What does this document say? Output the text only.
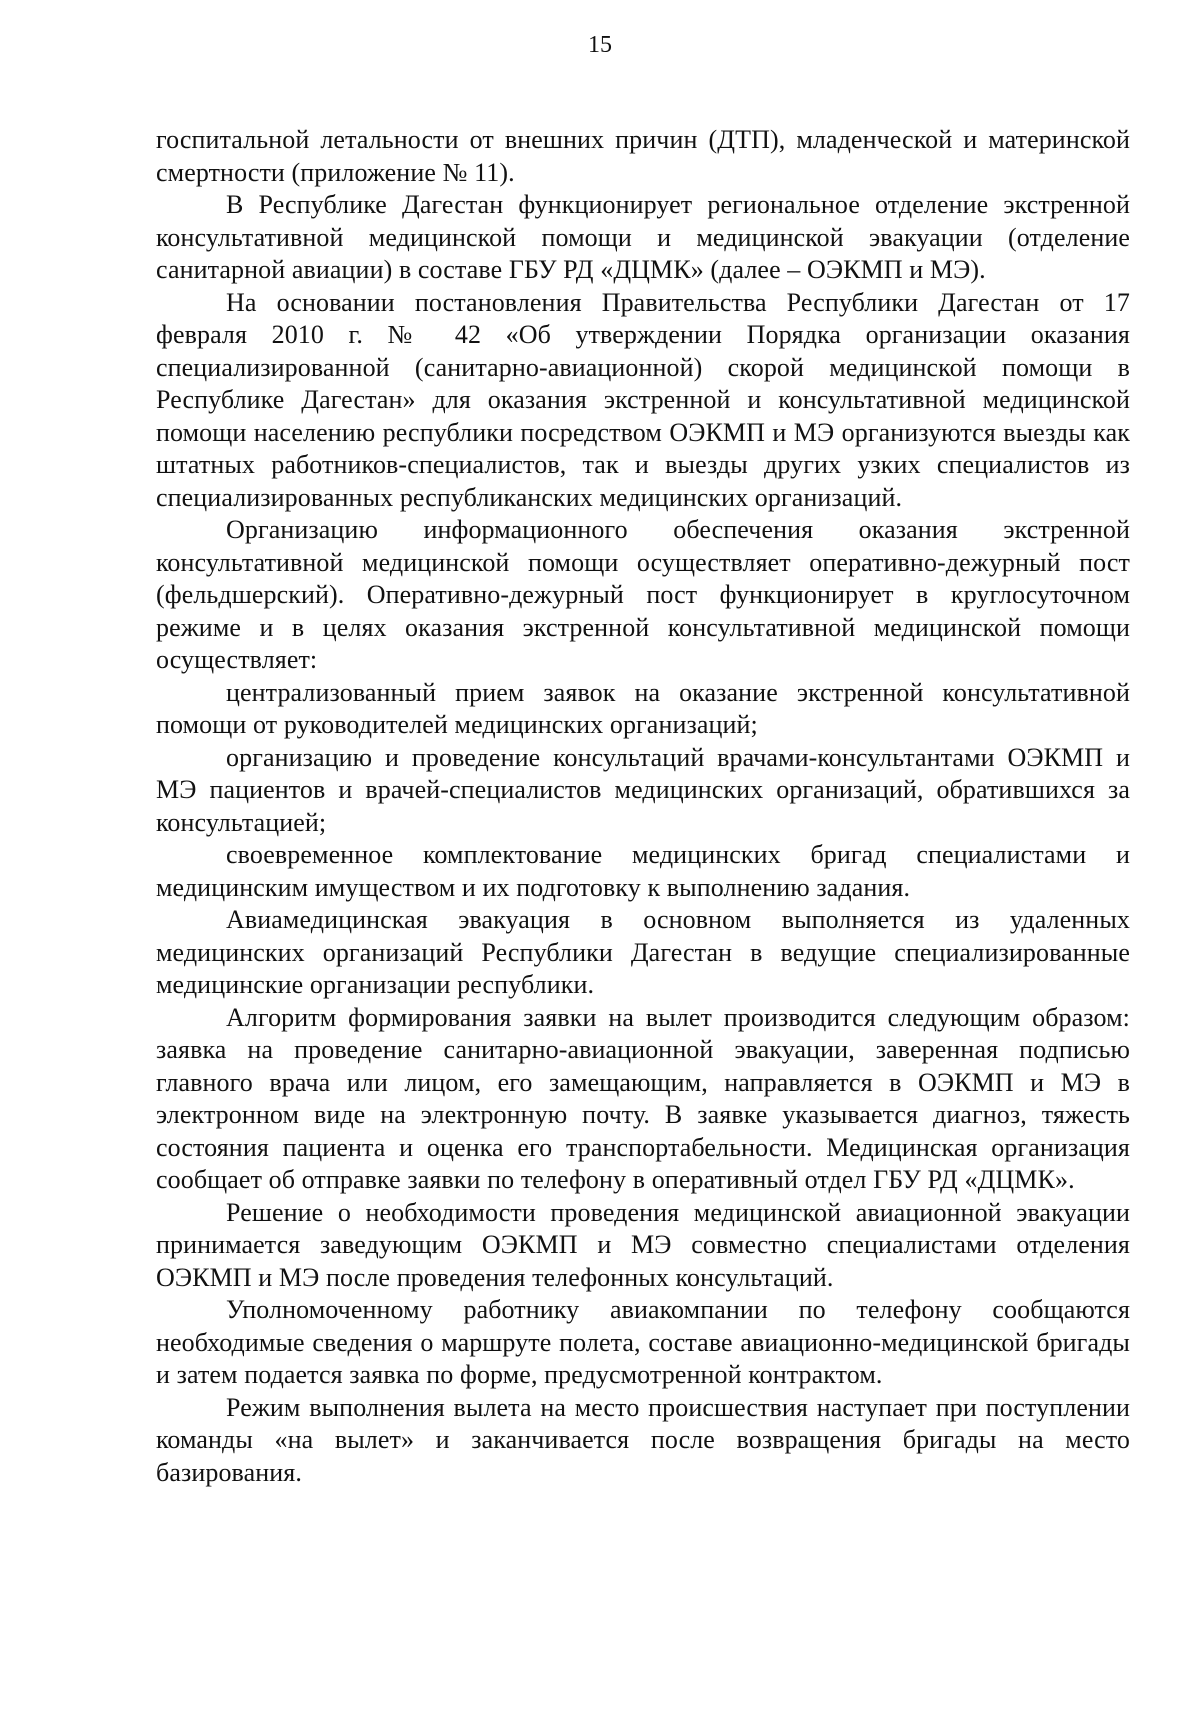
15

госпитальной летальности от внешних причин (ДТП), младенческой и материнской смертности (приложение № 11).

В Республике Дагестан функционирует региональное отделение экстренной консультативной медицинской помощи и медицинской эвакуации (отделение санитарной авиации) в составе ГБУ РД «ДЦМК» (далее – ОЭКМП и МЭ).

На основании постановления Правительства Республики Дагестан от 17 февраля 2010 г. № 42 «Об утверждении Порядка организации оказания специализированной (санитарно-авиационной) скорой медицинской помощи в Республике Дагестан» для оказания экстренной и консультативной медицинской помощи населению республики посредством ОЭКМП и МЭ организуются выезды как штатных работников-специалистов, так и выезды других узких специалистов из специализированных республиканских медицинских организаций.

Организацию информационного обеспечения оказания экстренной консультативной медицинской помощи осуществляет оперативно-дежурный пост (фельдшерский). Оперативно-дежурный пост функционирует в круглосуточном режиме и в целях оказания экстренной консультативной медицинской помощи осуществляет:

централизованный прием заявок на оказание экстренной консультативной помощи от руководителей медицинских организаций;

организацию и проведение консультаций врачами-консультантами ОЭКМП и МЭ пациентов и врачей-специалистов медицинских организаций, обратившихся за консультацией;

своевременное комплектование медицинских бригад специалистами и медицинским имуществом и их подготовку к выполнению задания.

Авиамедицинская эвакуация в основном выполняется из удаленных медицинских организаций Республики Дагестан в ведущие специализированные медицинские организации республики.

Алгоритм формирования заявки на вылет производится следующим образом: заявка на проведение санитарно-авиационной эвакуации, заверенная подписью главного врача или лицом, его замещающим, направляется в ОЭКМП и МЭ в электронном виде на электронную почту. В заявке указывается диагноз, тяжесть состояния пациента и оценка его транспортабельности. Медицинская организация сообщает об отправке заявки по телефону в оперативный отдел ГБУ РД «ДЦМК».

Решение о необходимости проведения медицинской авиационной эвакуации принимается заведующим ОЭКМП и МЭ совместно специалистами отделения ОЭКМП и МЭ после проведения телефонных консультаций.

Уполномоченному работнику авиакомпании по телефону сообщаются необходимые сведения о маршруте полета, составе авиационно-медицинской бригады и затем подается заявка по форме, предусмотренной контрактом.

Режим выполнения вылета на место происшествия наступает при поступлении команды «на вылет» и заканчивается после возвращения бригады на место базирования.
